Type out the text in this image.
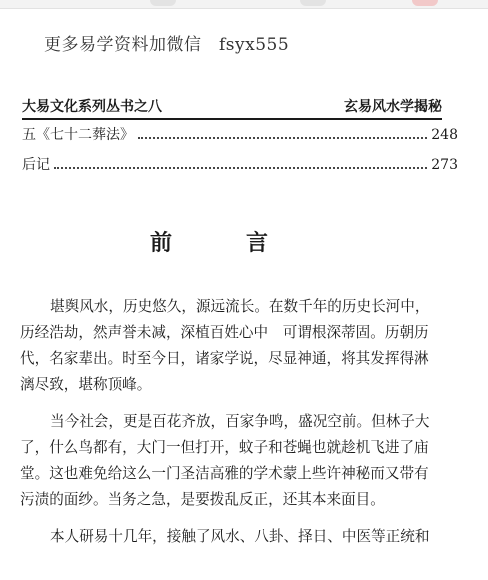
更多易学资料加微信　fsyx555
大易文化系列丛书之八	玄易风水学揭秘
五《七十二葬法》	248
后记	273
前	言
堪舆风水，历史悠久，源远流长。在数千年的历史长河中，
历经浩劫，然声誉未减，深植百姓心中　可谓根深蒂固。历朝历
代，名家辈出。时至今日，诸家学说，尽显神通，将其发挥得淋
漓尽致，堪称顶峰。
当今社会，更是百花齐放，百家争鸣，盛况空前。但林子大
了，什么鸟都有，大门一但打开，蚊子和苍蝇也就趁机飞进了庙
堂。这也难免给这么一门圣洁高雅的学术蒙上些许神秘而又带有
污渍的面纱。当务之急，是要拨乱反正，还其本来面目。
本人研易十几年，接触了风水、八卦、择日、中医等正统和
